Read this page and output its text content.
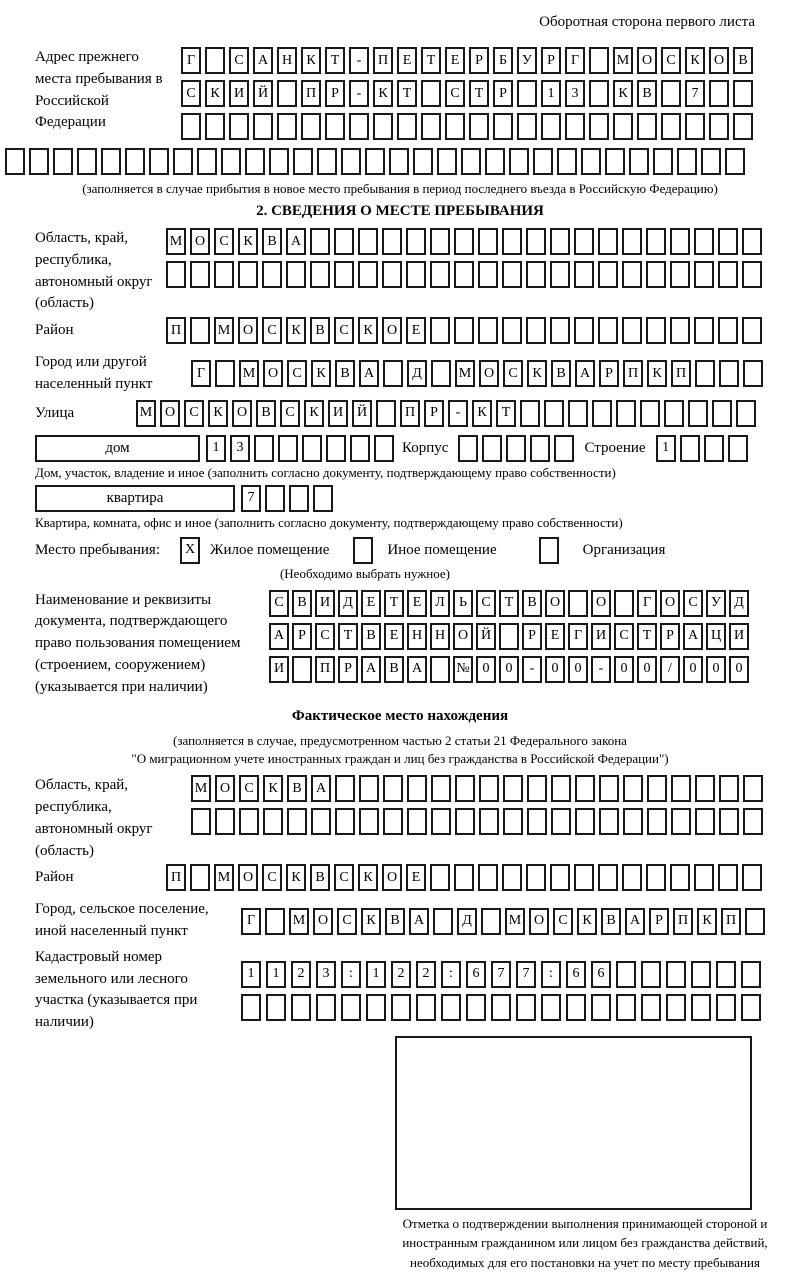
Оборотная сторона первого листа
Адрес прежнего места пребывания в Российской Федерации
Г	С	А Н	К	Т	-	П	Е	Т	Е	Р	Б	У	Р	Г	М О	С	К	О	В
С	К	И Й	П	Р	-	К	Т	С	Т	Р	1	3	К	В	7
(заполняется в случае прибытия в новое место пребывания в период последнего въезда в Российскую Федерацию)
2. СВЕДЕНИЯ О МЕСТЕ ПРЕБЫВАНИЯ
Область, край, республика, автономный округ (область)
М О	С	К	В	А
Район	П	М О	С	К	В	С	К	О	Е
Город или другой населенный пункт
Г	М О	С	К	В	А	Д	М О	С	К	В	А	Р	П	К	П
Улица	М О	С	К	О	В	С	К	И Й	П	Р	-	К	Т
дом	1	3	Корпус	Строение	1
Дом, участок, владение и иное (заполнить согласно документу, подтверждающему право собственности)
квартира	7
Квартира, комната, офис и иное (заполнить согласно документу, подтверждающему право собственности)
Место пребывания:	X Жилое помещение	Иное помещение	Организация
(Необходимо выбрать нужное)
Наименование и реквизиты документа, подтверждающего право пользования помещением (строением, сооружением) (указывается при наличии)
С В И Д Е	Т	Е Л	Ь	С	Т	В О	О	Г О С У Д
А	Р	С	Т	В	Е Н Н О Й	Р	Е	Г И С	Т	Р	А Ц И
И	П	Р	А В А	№ 0	0	-	0	0	-	0	0	/	0	0	0
Фактическое место нахождения
(заполняется в случае, предусмотренном частью 2 статьи 21 Федерального закона
"О миграционном учете иностранных граждан и лиц без гражданства в Российской Федерации")
Область, край, республика, автономный округ (область)
М О	С	К	В	А
Район	П	М О	С	К	В	С	К	О	Е
Город, сельское поселение, иной населенный пункт
Г	М О	С	К	В	А	Д	М О	С	К	В	А	Р	П	К	П
Кадастровый номер земельного или лесного участка (указывается при наличии)
1	1	2	3	:	1	2	2	:	6	7	7	:	6	6
Отметка о подтверждении выполнения принимающей стороной и иностранным гражданином или лицом без гражданства действий, необходимых для его постановки на учет по месту пребывания
